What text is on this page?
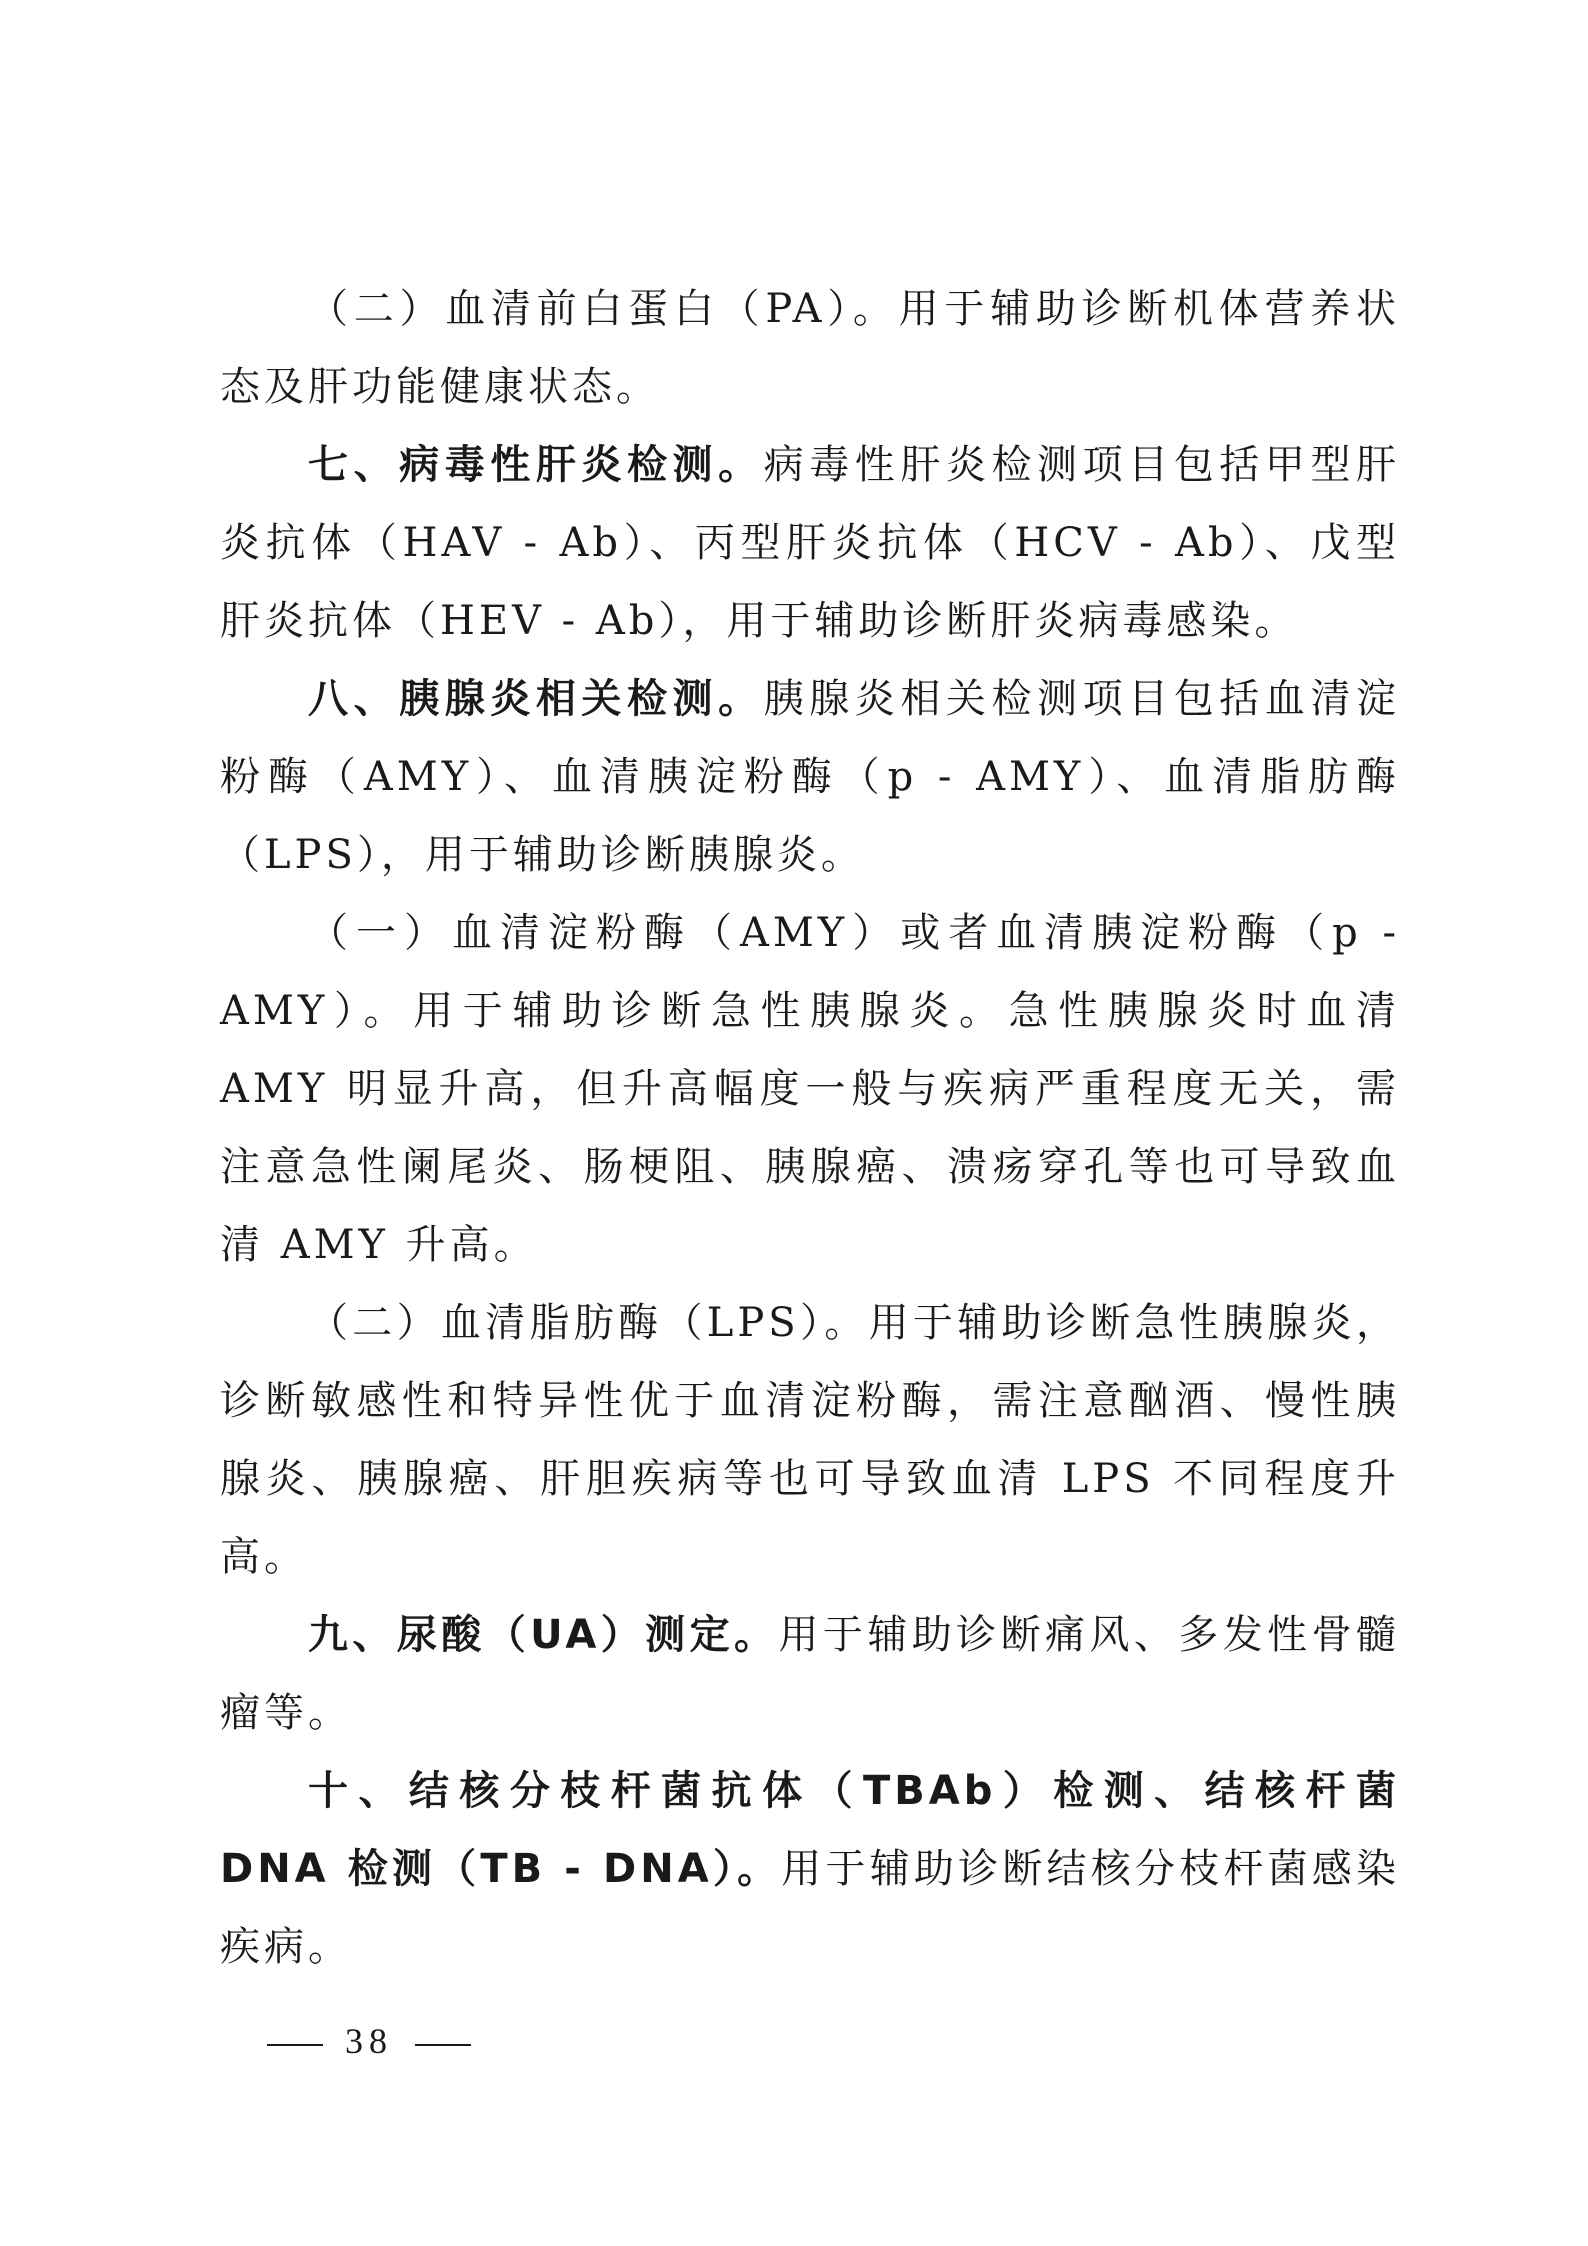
（二）血清前白蛋白（PA）。用于辅助诊断机体营养状态及肝功能健康状态。

七、病毒性肝炎检测。病毒性肝炎检测项目包括甲型肝炎抗体（HAV - Ab）、丙型肝炎抗体（HCV - Ab）、戊型肝炎抗体（HEV - Ab），用于辅助诊断肝炎病毒感染。

八、胰腺炎相关检测。胰腺炎相关检测项目包括血清淀粉酶（AMY）、血清胰淀粉酶（p - AMY）、血清脂肪酶（LPS），用于辅助诊断胰腺炎。

（一）血清淀粉酶（AMY）或者血清胰淀粉酶（p - AMY）。用于辅助诊断急性胰腺炎。急性胰腺炎时血清 AMY 明显升高，但升高幅度一般与疾病严重程度无关，需注意急性阑尾炎、肠梗阻、胰腺癌、溃疡穿孔等也可导致血清 AMY 升高。

（二）血清脂肪酶（LPS）。用于辅助诊断急性胰腺炎，诊断敏感性和特异性优于血清淀粉酶，需注意酗酒、慢性胰腺炎、胰腺癌、肝胆疾病等也可导致血清 LPS 不同程度升高。

九、尿酸（UA）测定。用于辅助诊断痛风、多发性骨髓瘤等。

十、结核分枝杆菌抗体（TBAb）检测、结核杆菌 DNA 检测（TB - DNA）。用于辅助诊断结核分枝杆菌感染疾病。

38
